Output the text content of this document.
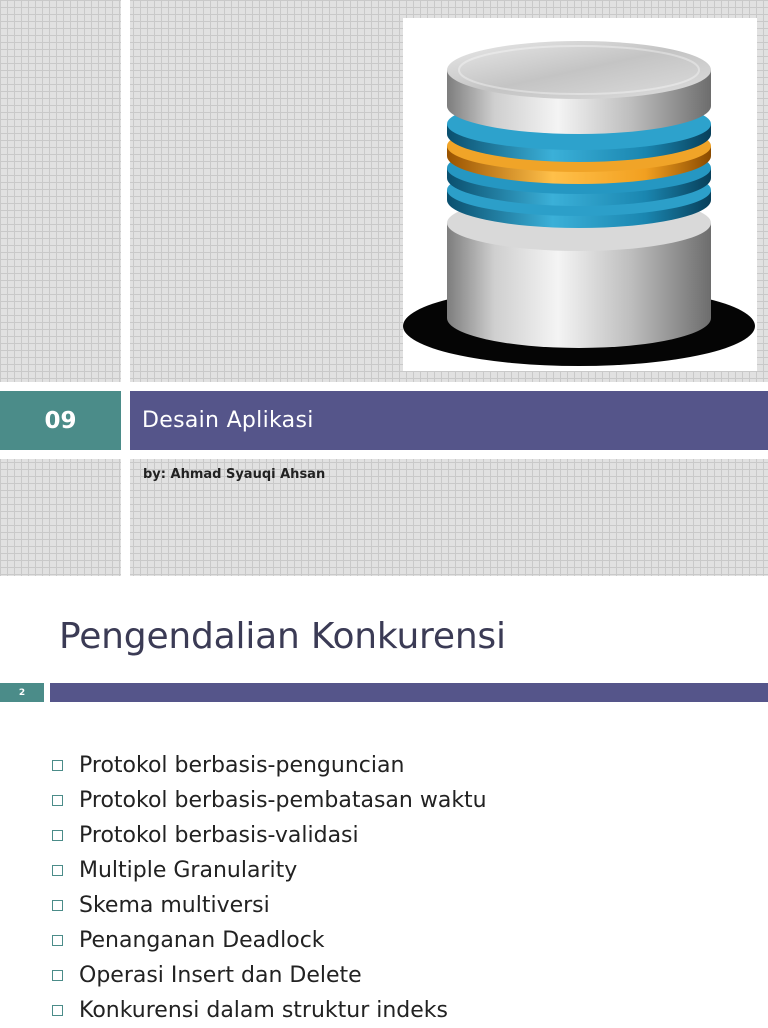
09	Desain Aplikasi
by: Ahmad Syauqi Ahsan
Pengendalian Konkurensi
2
Protokol berbasis-penguncian
Protokol berbasis-pembatasan waktu
Protokol berbasis-validasi
Multiple Granularity
Skema multiversi
Penanganan Deadlock
Operasi Insert dan Delete
Konkurensi dalam struktur indeks
